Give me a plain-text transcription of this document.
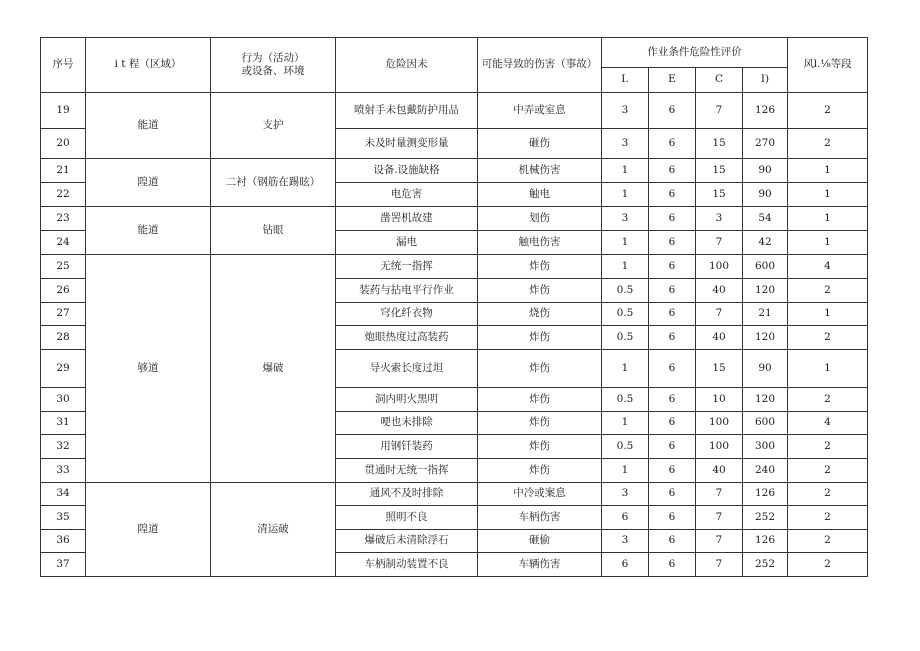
序号	i t 程（区域）	行为（活动）
或设备、环境	危险因未	可能导致的伤害（事故）	作业条件危险性评价				风l.⅛等段
					I.	E	C	I)	
19	能道	支护	喷射手未包戴防护用品	中弄或室息	3	6	7	126	2
20			未及时量测变形量	砸伤	3	6	15	270	2
21	隍道	二衬（钢筋在踢眩）	设备.设施缺格	机械伤害	1	6	15	90	1
22			电危害	触电	1	6	15	90	1
23	能道	钻眼	凿罟机故建	划伤	3	6	3	54	1
24			漏电	触电伤害	1	6	7	42	1
25	够道	爆破	无统一指挥	炸伤	1	6	100	600	4
26			装药与拈电平行作业	炸伤	0.5	6	40	120	2
27			穹化纤衣物	烧伤	0.5	6	7	21	1
28			炮眼热度过高装药	炸伤	0.5	6	40	120	2
29			导火索长度过坦	炸伤	1	6	15	90	1
30			洞内明火黑明	炸伤	0.5	6	10	120	2
31			哽也未排除	炸伤	1	6	100	600	4
32			用钢钎装药	炸伤	0.5	6	100	300	2
33			贯通时无统一指挥	炸伤	1	6	40	240	2
34	隍道	清运破	通风不及时排除	中冷或案息	3	6	7	126	2
35			照明不良	车柄伤害	6	6	7	252	2
36			爆破后未清除浮石	砸偷	3	6	7	126	2
37			车柄制动装置不良	车辆伤害	6	6	7	252	2
